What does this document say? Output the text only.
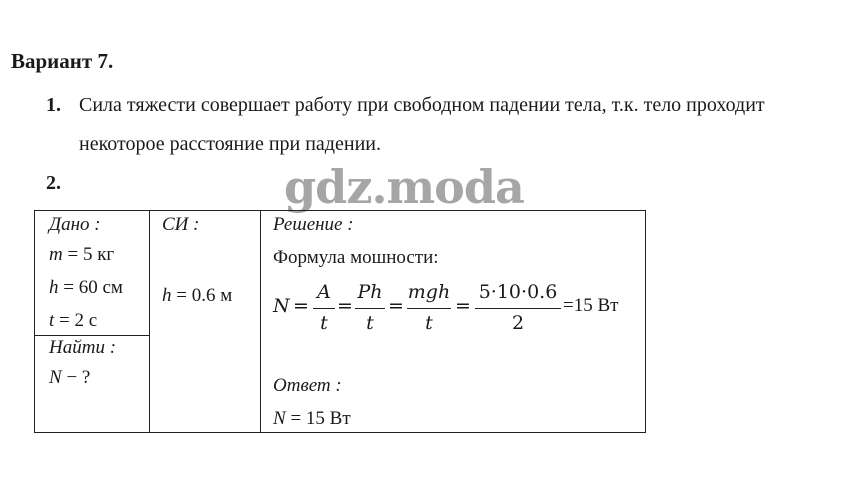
Вариант 7.
1. Сила тяжести совершает работу при свободном падении тела, т.к. тело проходит
некоторое расстояние при падении.
2.	gdz.moda
Дано :
m = 5 кг
h = 60 см
t = 2 с
Найти :
N − ?
СИ :
h = 0.6 м
Решение :
Формула мошности:
N =
A
t
=
Ph
t
=
mgh
t
=
5·10·0.6
2
=15 Вт
Ответ :
N = 15 Вт
